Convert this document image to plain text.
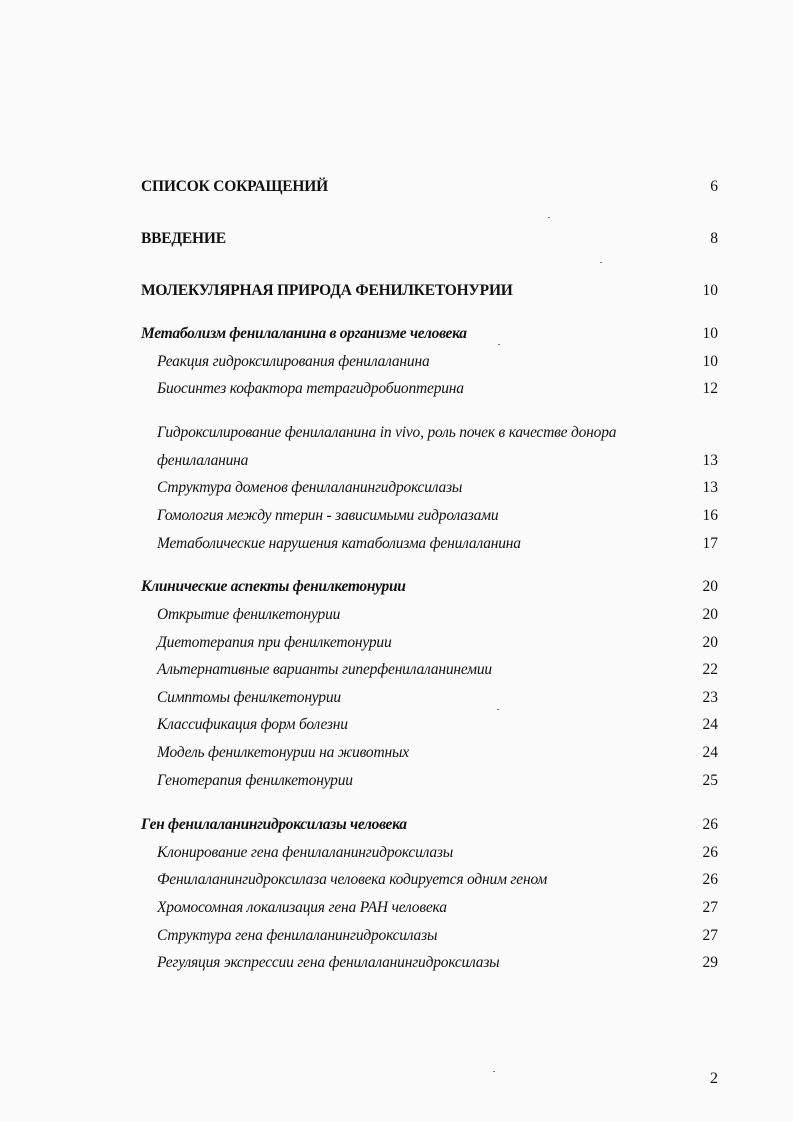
СПИСОК СОКРАЩЕНИЙ	6
ВВЕДЕНИЕ	8
МОЛЕКУЛЯРНАЯ ПРИРОДА ФЕНИЛКЕТОНУРИИ	10
Метаболизм фенилаланина в организме человека	10
Реакция гидроксилирования фенилаланина	10
Биосинтез кофактора тетрагидробиоптерина	12
Гидроксилирование фенилаланина in vivo, роль почек в качестве донора
фенилаланина	13
Структура доменов фенилаланингидроксилазы	13
Гомология между птерин - зависимыми гидролазами	16
Метаболические нарушения катаболизма фенилаланина	17
Клинические аспекты фенилкетонурии	20
Открытие фенилкетонурии	20
Диетотерапия при фенилкетонурии	20
Альтернативные варианты гиперфенилаланинемии	22
Симптомы фенилкетонурии	23
Классификация форм болезни	24
Модель фенилкетонурии на животных	24
Генотерапия фенилкетонурии	25
Ген фенилаланингидроксилазы человека	26
Клонирование гена фенилаланингидроксилазы	26
Фенилаланингидроксилаза человека кодируется одним геном	26
Хромосомная локализация гена РАН человека	27
Структура гена фенилаланингидроксилазы	27
Регуляция экспрессии гена фенилаланингидроксилазы	29
2
